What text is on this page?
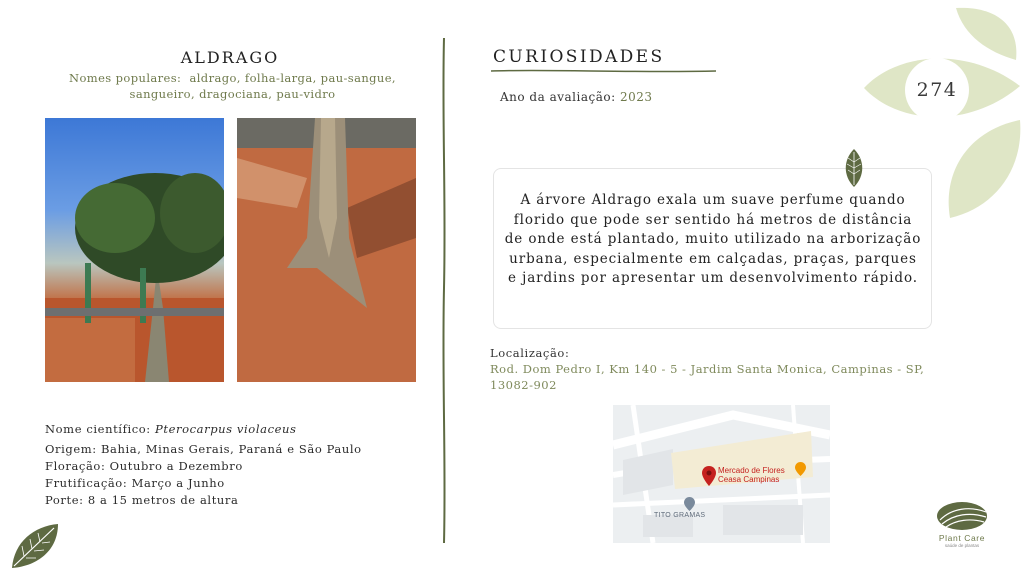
274
ALDRAGO
Nomes populares: aldrago, folha-larga, pau-sangue, sangueiro, dragociana, pau-vidro
Nome científico: Pterocarpus violaceus
Origem: Bahia, Minas Gerais, Paraná e São Paulo
Floração: Outubro a Dezembro
Frutificação: Março a Junho
Porte: 8 a 15 metros de altura
CURIOSIDADES
Ano da avaliação: 2023
A árvore Aldrago exala um suave perfume quando florido que pode ser sentido há metros de distância de onde está plantado, muito utilizado na arborização urbana, especialmente em calçadas, praças, parques e jardins por apresentar um desenvolvimento rápido.
Localização:
Rod. Dom Pedro I, Km 140 - 5 - Jardim Santa Monica, Campinas - SP, 13082-902
Mercado de Flores
Ceasa Campinas
TITO GRAMAS
Plant Care
saúde de plantas
